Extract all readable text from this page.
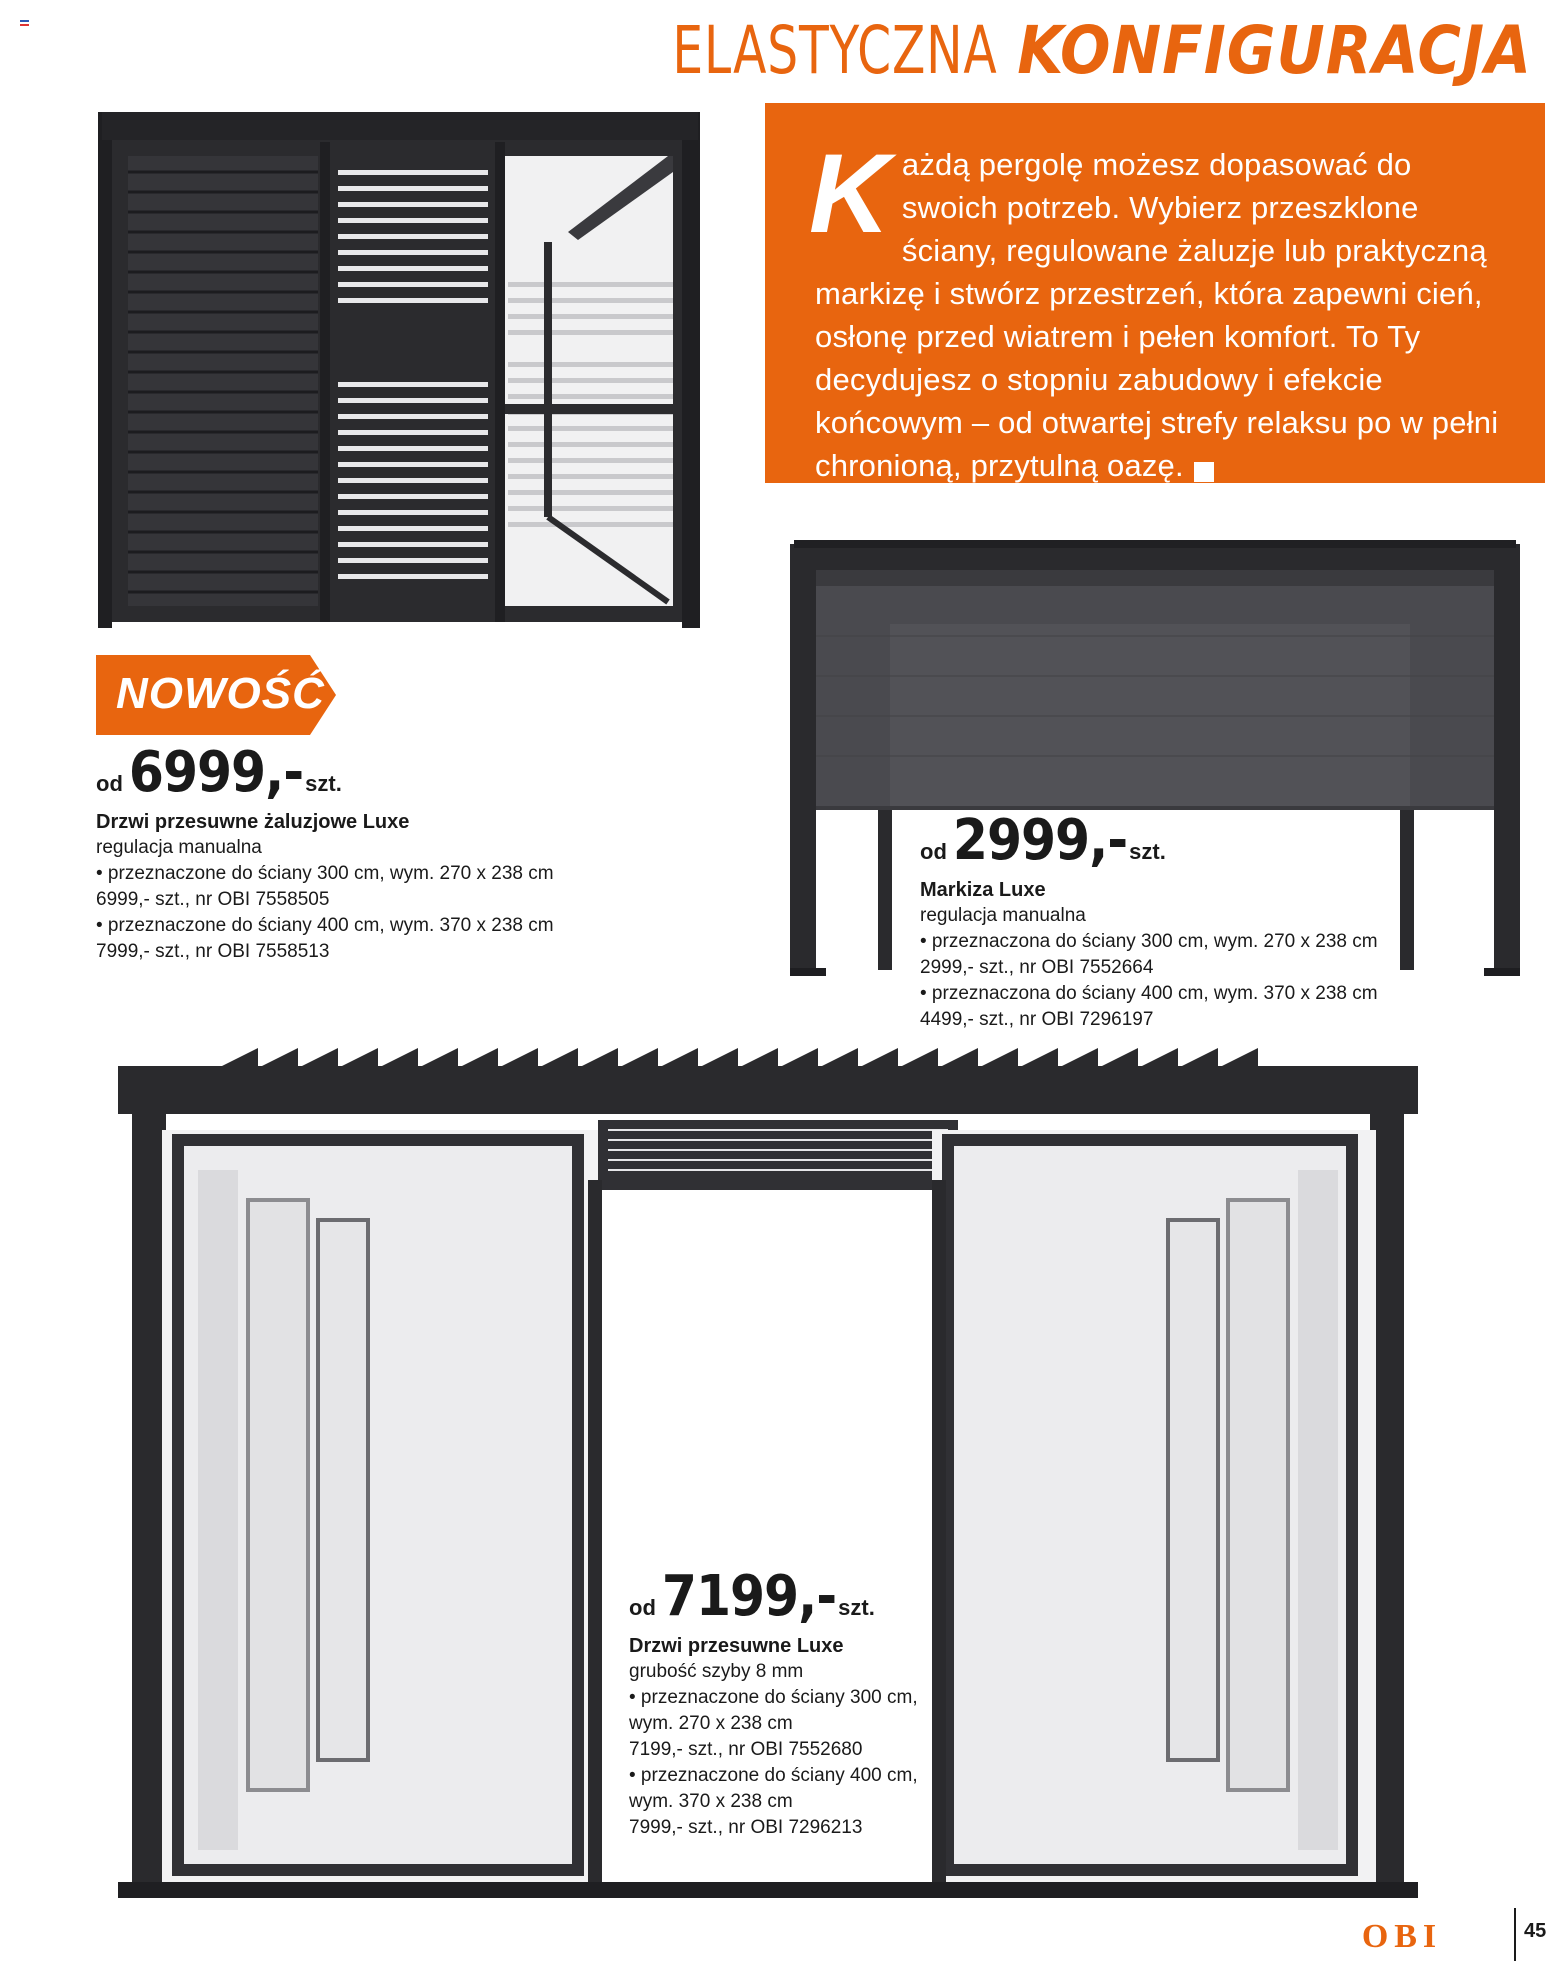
ELASTYCZNA KONFIGURACJA
K ażdą pergolę możesz dopasować do swoich potrzeb. Wybierz przeszklone ściany, regulowane żaluzje lub praktyczną markizę i stwórz przestrzeń, która zapewni cień, osłonę przed wiatrem i pełen komfort. To Ty decydujesz o stopniu zabudowy i efekcie końcowym – od otwartej strefy relaksu po w pełni chronioną, przytulną oazę.
NOWOŚĆ
od 6999,-szt.
Drzwi przesuwne żaluzjowe Luxe
regulacja manualna
• przeznaczone do ściany 300 cm, wym. 270 x 238 cm
6999,- szt., nr OBI 7558505
• przeznaczone do ściany 400 cm, wym. 370 x 238 cm
7999,- szt., nr OBI 7558513
od 2999,-szt.
Markiza Luxe
regulacja manualna
• przeznaczona do ściany 300 cm, wym. 270 x 238 cm
2999,- szt., nr OBI 7552664
• przeznaczona do ściany 400 cm, wym. 370 x 238 cm
4499,- szt., nr OBI 7296197
od 7199,-szt.
Drzwi przesuwne Luxe
grubość szyby 8 mm
• przeznaczone do ściany 300 cm,
wym. 270 x 238 cm
7199,- szt., nr OBI 7552680
• przeznaczone do ściany 400 cm,
wym. 370 x 238 cm
7999,- szt., nr OBI 7296213
OBI	45
